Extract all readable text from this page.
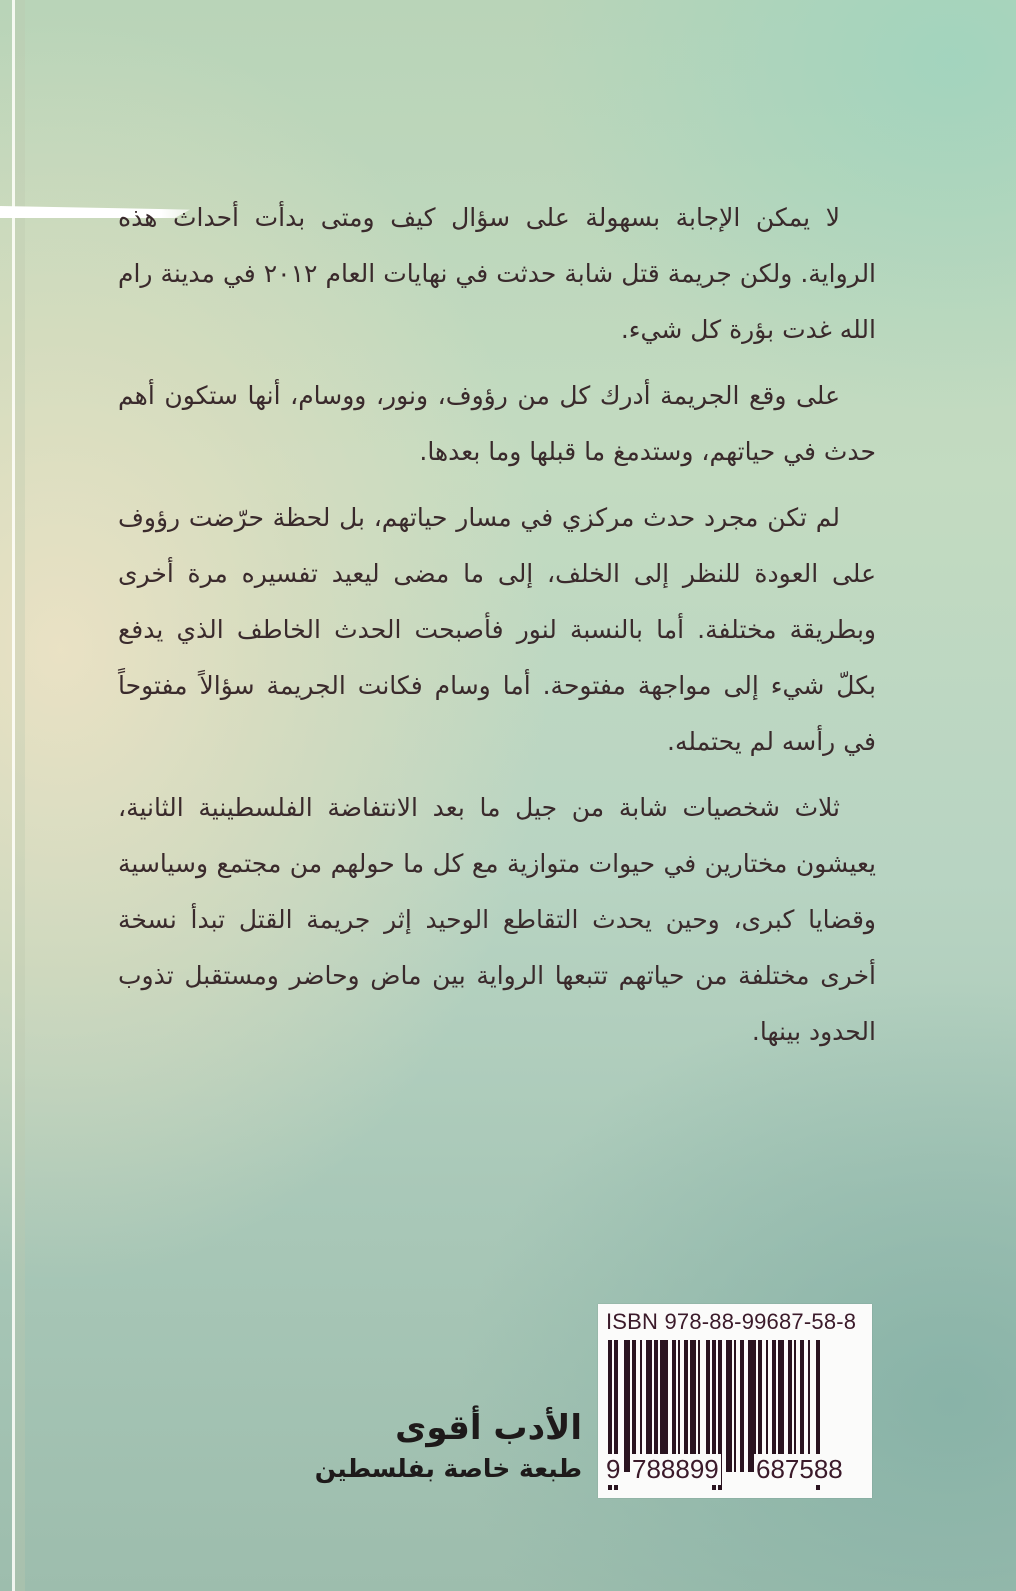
لا يمكن الإجابة بسهولة على سؤال كيف ومتى بدأت أحداث هذه الرواية. ولكن جريمة قتل شابة حدثت في نهايات العام ٢٠١٢ في مدينة رام الله غدت بؤرة كل شيء.

على وقع الجريمة أدرك كل من رؤوف، ونور، ووسام، أنها ستكون أهم حدث في حياتهم، وستدمغ ما قبلها وما بعدها.

لم تكن مجرد حدث مركزي في مسار حياتهم، بل لحظة حرّضت رؤوف على العودة للنظر إلى الخلف، إلى ما مضى ليعيد تفسيره مرة أخرى وبطريقة مختلفة. أما بالنسبة لنور فأصبحت الحدث الخاطف الذي يدفع بكلّ شيء إلى مواجهة مفتوحة. أما وسام فكانت الجريمة سؤالاً مفتوحاً في رأسه لم يحتمله.

ثلاث شخصيات شابة من جيل ما بعد الانتفاضة الفلسطينية الثانية، يعيشون مختارين في حيوات متوازية مع كل ما حولهم من مجتمع وسياسية وقضايا كبرى، وحين يحدث التقاطع الوحيد إثر جريمة القتل تبدأ نسخة أخرى مختلفة من حياتهم تتبعها الرواية بين ماض وحاضر ومستقبل تذوب الحدود بينها.

الأدب أقوى
طبعة خاصة بفلسطين
ISBN 978-88-99687-58-8
9 788899 687588
